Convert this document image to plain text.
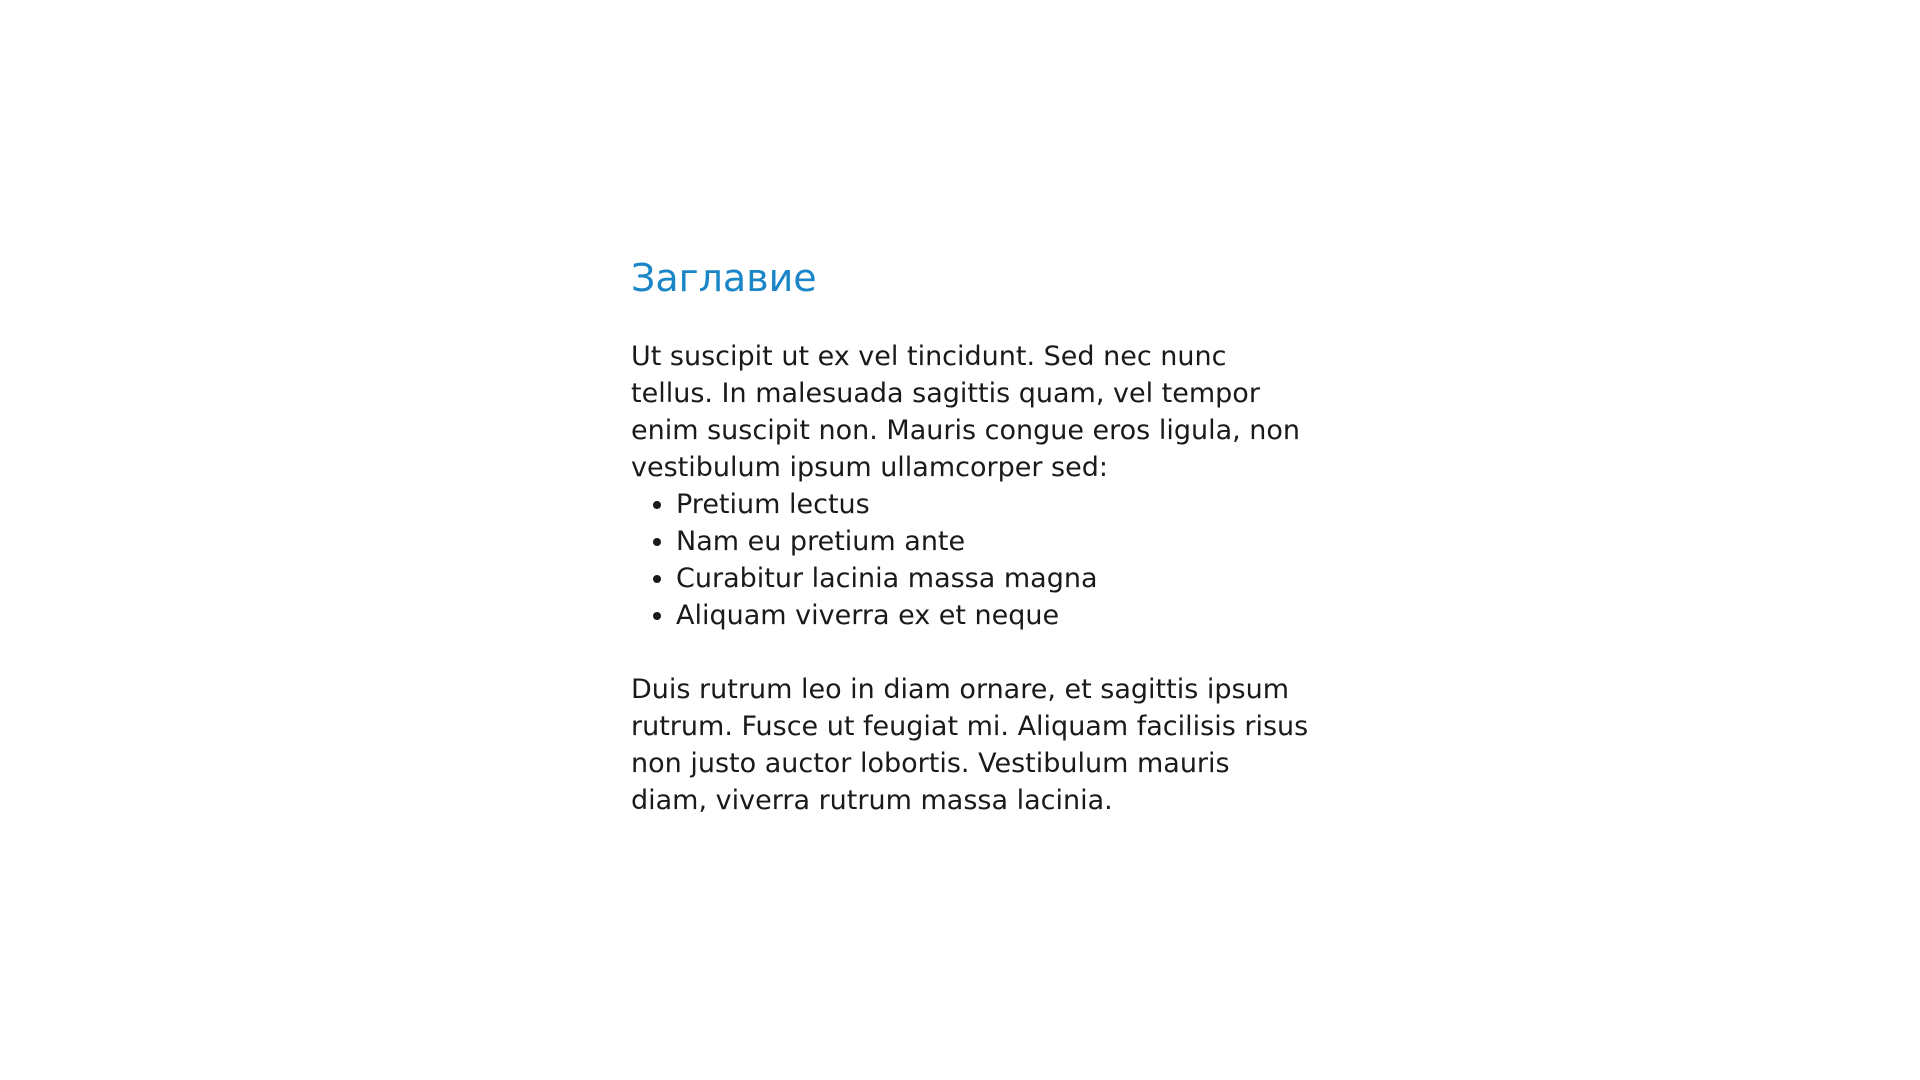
Заглавие

Ut suscipit ut ex vel tincidunt. Sed nec nunc tellus. In malesuada sagittis quam, vel tempor enim suscipit non. Mauris congue eros ligula, non vestibulum ipsum ullamcorper sed:

• Pretium lectus
• Nam eu pretium ante
• Curabitur lacinia massa magna
• Aliquam viverra ex et neque

Duis rutrum leo in diam ornare, et sagittis ipsum rutrum. Fusce ut feugiat mi. Aliquam facilisis risus non justo auctor lobortis. Vestibulum mauris diam, viverra rutrum massa lacinia.
